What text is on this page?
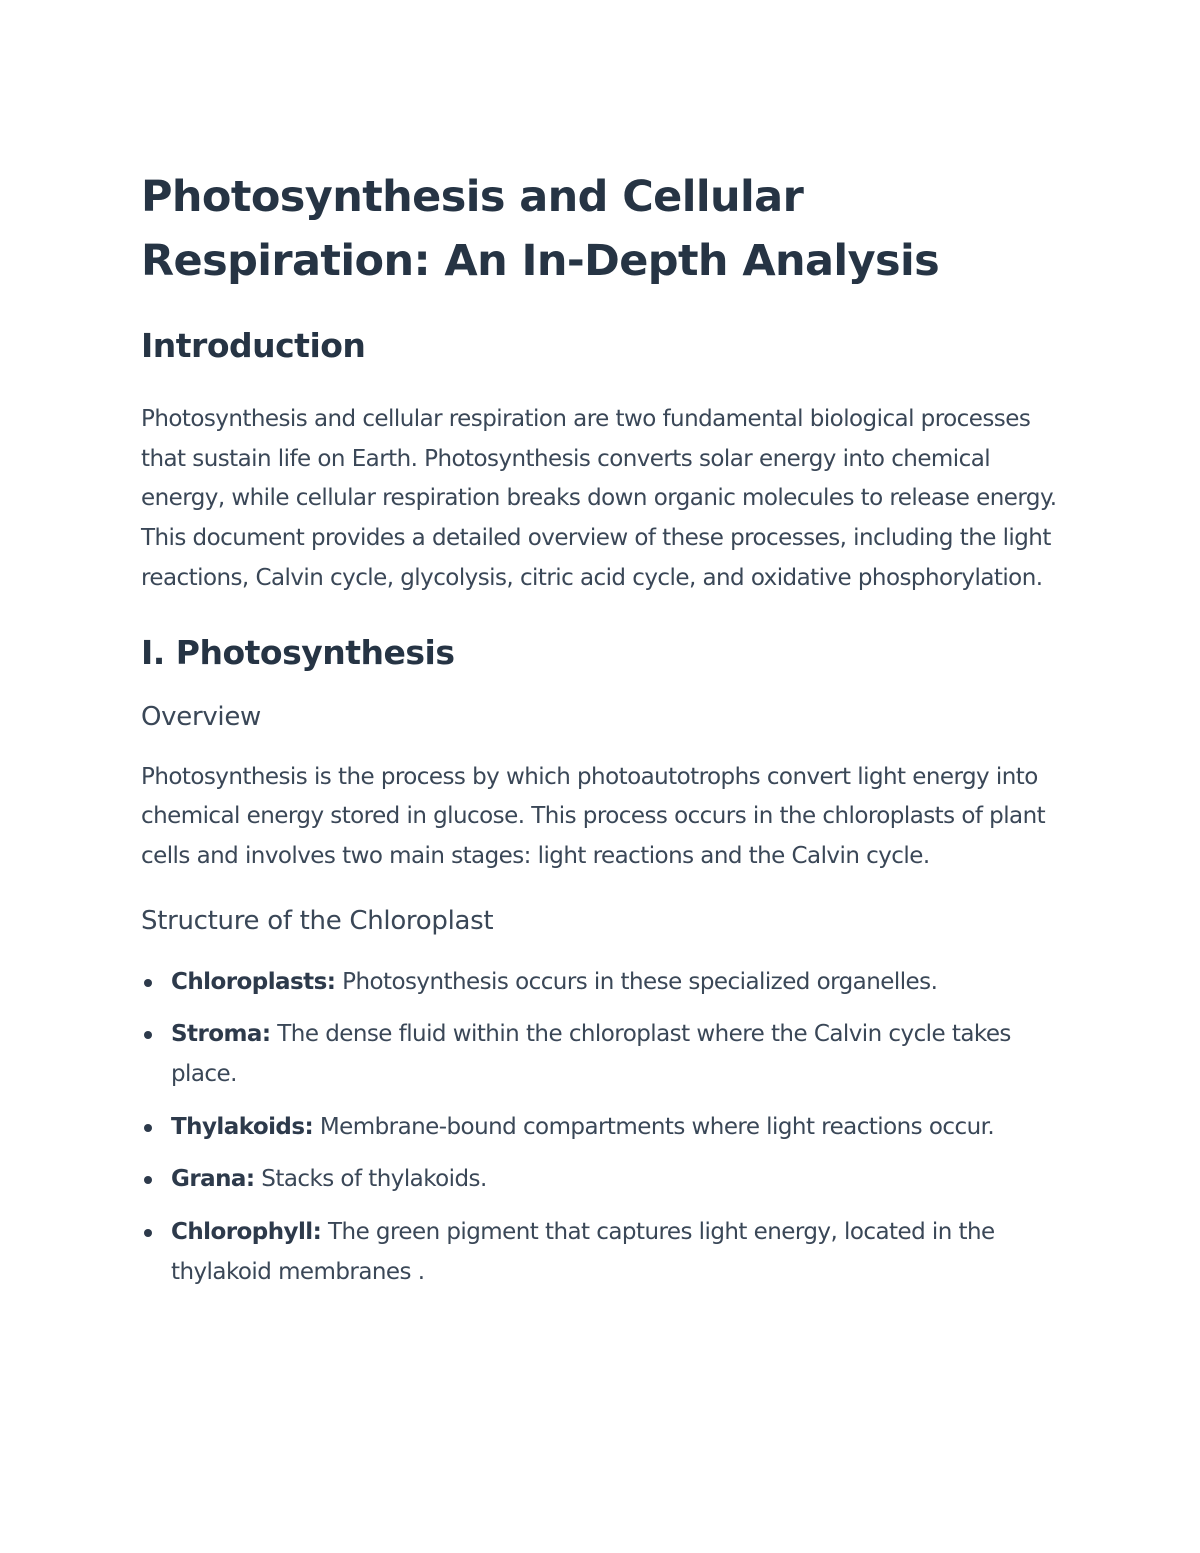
Photosynthesis and Cellular
Respiration: An In-Depth Analysis
Introduction

Photosynthesis and cellular respiration are two fundamental biological processes that sustain life on Earth. Photosynthesis converts solar energy into chemical energy, while cellular respiration breaks down organic molecules to release energy. This document provides a detailed overview of these processes, including the light reactions, Calvin cycle, glycolysis, citric acid cycle, and oxidative phosphorylation.

I. Photosynthesis
Overview

Photosynthesis is the process by which photoautotrophs convert light energy into chemical energy stored in glucose. This process occurs in the chloroplasts of plant cells and involves two main stages: light reactions and the Calvin cycle.

Structure of the Chloroplast
Chloroplasts: Photosynthesis occurs in these specialized organelles.
Stroma: The dense fluid within the chloroplast where the Calvin cycle takes place.
Thylakoids: Membrane-bound compartments where light reactions occur.
Grana: Stacks of thylakoids.
Chlorophyll: The green pigment that captures light energy, located in the thylakoid membranes .
